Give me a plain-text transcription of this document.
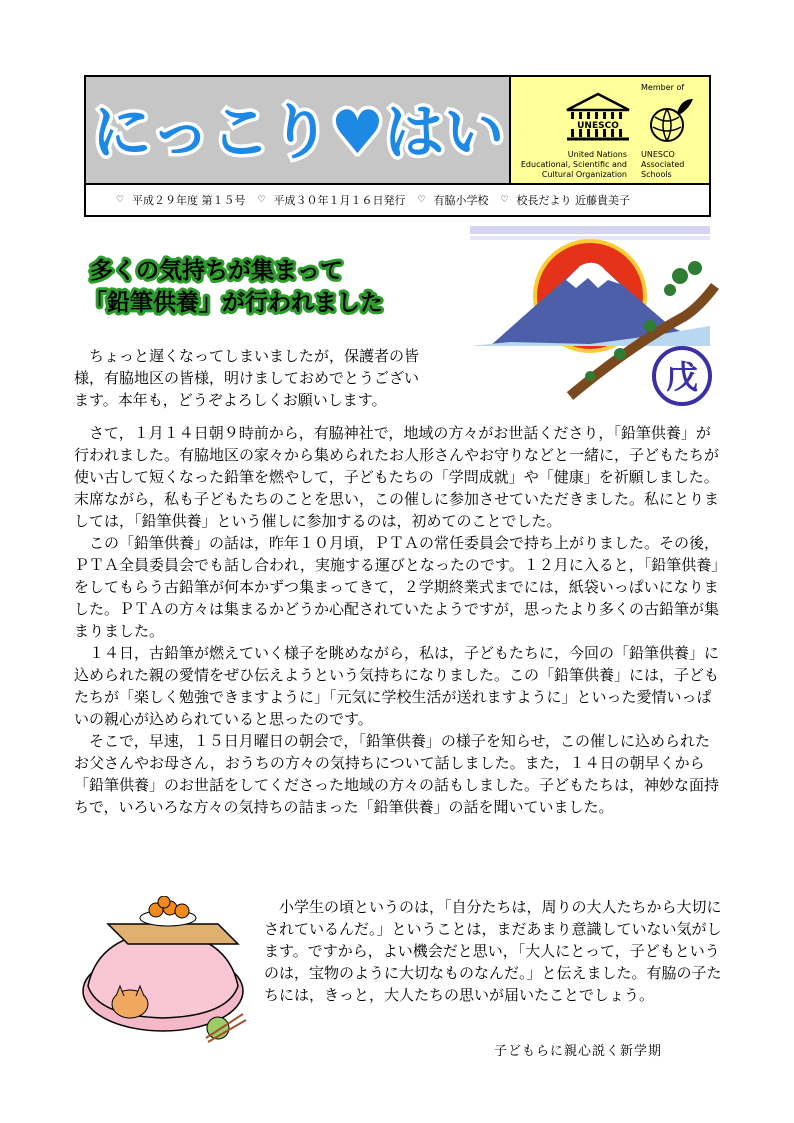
にっこり♥はい	UNESCO
United Nations
Educational, Scientific and
Cultural Organization
Member of
UNESCO
Associated
Schools
♡ 平成２９年度 第１５号 ♡ 平成３０年１月１６日発行 ♡ 有脇小学校 ♡ 校長だより 近藤貴美子
多くの気持ちが集まって
「鉛筆供養」が行われました
戊

　ちょっと遅くなってしまいましたが，保護者の皆

様，有脇地区の皆様，明けましておめでとうござい

ます。本年も，どうぞよろしくお願いします。

　さて，１月１４日朝９時前から，有脇神社で，地域の方々がお世話くださり，「鉛筆供養」が行われました。有脇地区の家々から集められたお人形さんやお守りなどと一緒に，子どもたちが使い古して短くなった鉛筆を燃やして，子どもたちの「学問成就」や「健康」を祈願しました。末席ながら，私も子どもたちのことを思い，この催しに参加させていただきました。私にとりましては，「鉛筆供養」という催しに参加するのは，初めてのことでした。

　この「鉛筆供養」の話は，昨年１０月頃，ＰＴＡの常任委員会で持ち上がりました。その後，ＰＴＡ全員委員会でも話し合われ，実施する運びとなったのです。１２月に入ると，「鉛筆供養」をしてもらう古鉛筆が何本かずつ集まってきて，２学期終業式までには，紙袋いっぱいになりました。ＰＴＡの方々は集まるかどうか心配されていたようですが，思ったより多くの古鉛筆が集まりました。

　１４日，古鉛筆が燃えていく様子を眺めながら，私は，子どもたちに，今回の「鉛筆供養」に込められた親の愛情をぜひ伝えようという気持ちになりました。この「鉛筆供養」には，子どもたちが「楽しく勉強できますように」「元気に学校生活が送れますように」といった愛情いっぱいの親心が込められていると思ったのです。

　そこで，早速，１５日月曜日の朝会で，「鉛筆供養」の様子を知らせ，この催しに込められたお父さんやお母さん，おうちの方々の気持ちについて話しました。また，１４日の朝早くから「鉛筆供養」のお世話をしてくださった地域の方々の話もしました。子どもたちは，神妙な面持ちで，いろいろな方々の気持ちの詰まった「鉛筆供養」の話を聞いていました。

　小学生の頃というのは，「自分たちは，周りの大人たちから大切にされているんだ。」ということは，まだあまり意識していない気がします。ですから，よい機会だと思い，「大人にとって，子どもというのは，宝物のように大切なものなんだ。」と伝えました。有脇の子たちには，きっと，大人たちの思いが届いたことでしょう。

子どもらに親心説く新学期
